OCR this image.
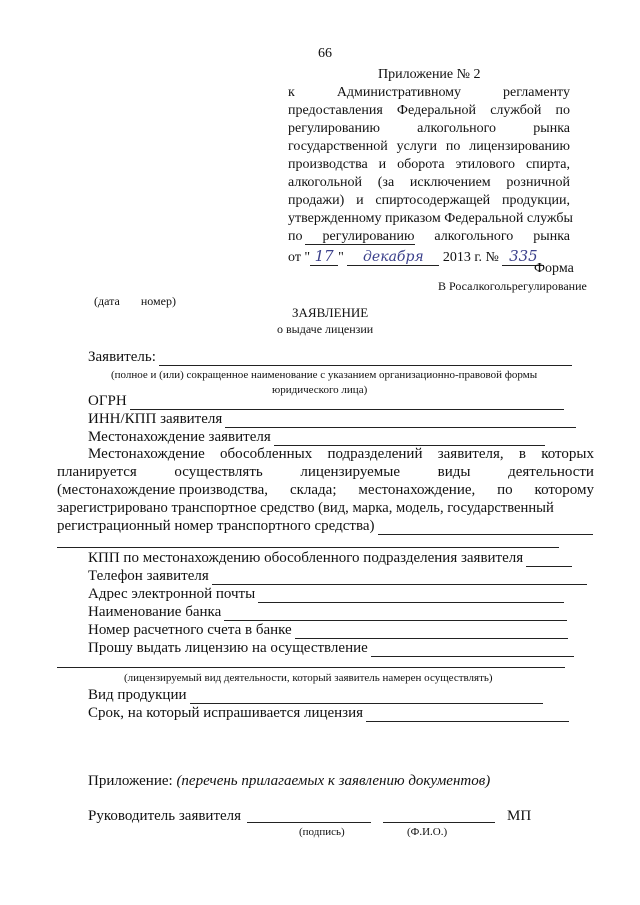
66
Приложение № 2
к	Административному	регламенту
предоставления Федеральной службой по
регулированию	алкогольного	рынка
государственной услуги по лицензированию
производства и оборота этилового спирта,
алкогольной (за исключением розничной
продажи) и спиртосодержащей продукции,
утвержденному приказом Федеральной службы
по регулированию алкогольного рынка
от " 17 " декабря 2013 г. № 335
Форма
В Росалкогольрегулирование
(дата       номер)
ЗАЯВЛЕНИЕ
о выдаче лицензии
Заявитель:
(полное и (или) сокращенное наименование с указанием организационно-правовой формы
юридического лица)
ОГРН
ИНН/КПП заявителя
Местонахождение заявителя
Местонахождение обособленных подразделений заявителя, в которых
планируется	осуществлять	лицензируемые	виды	деятельности
(местонахождение производства, склада; местонахождение, по которому
зарегистрировано транспортное средство (вид, марка, модель, государственный
регистрационный номер транспортного средства)
КПП по местонахождению обособленного подразделения заявителя
Телефон заявителя
Адрес электронной почты
Наименование банка
Номер расчетного счета в банке
Прошу выдать лицензию на осуществление
(лицензируемый вид деятельности, который заявитель намерен осуществлять)
Вид продукции
Срок, на который испрашивается лицензия
Приложение: (перечень прилагаемых к заявлению документов)
Руководитель заявителя	МП
(подпись)	(Ф.И.О.)
